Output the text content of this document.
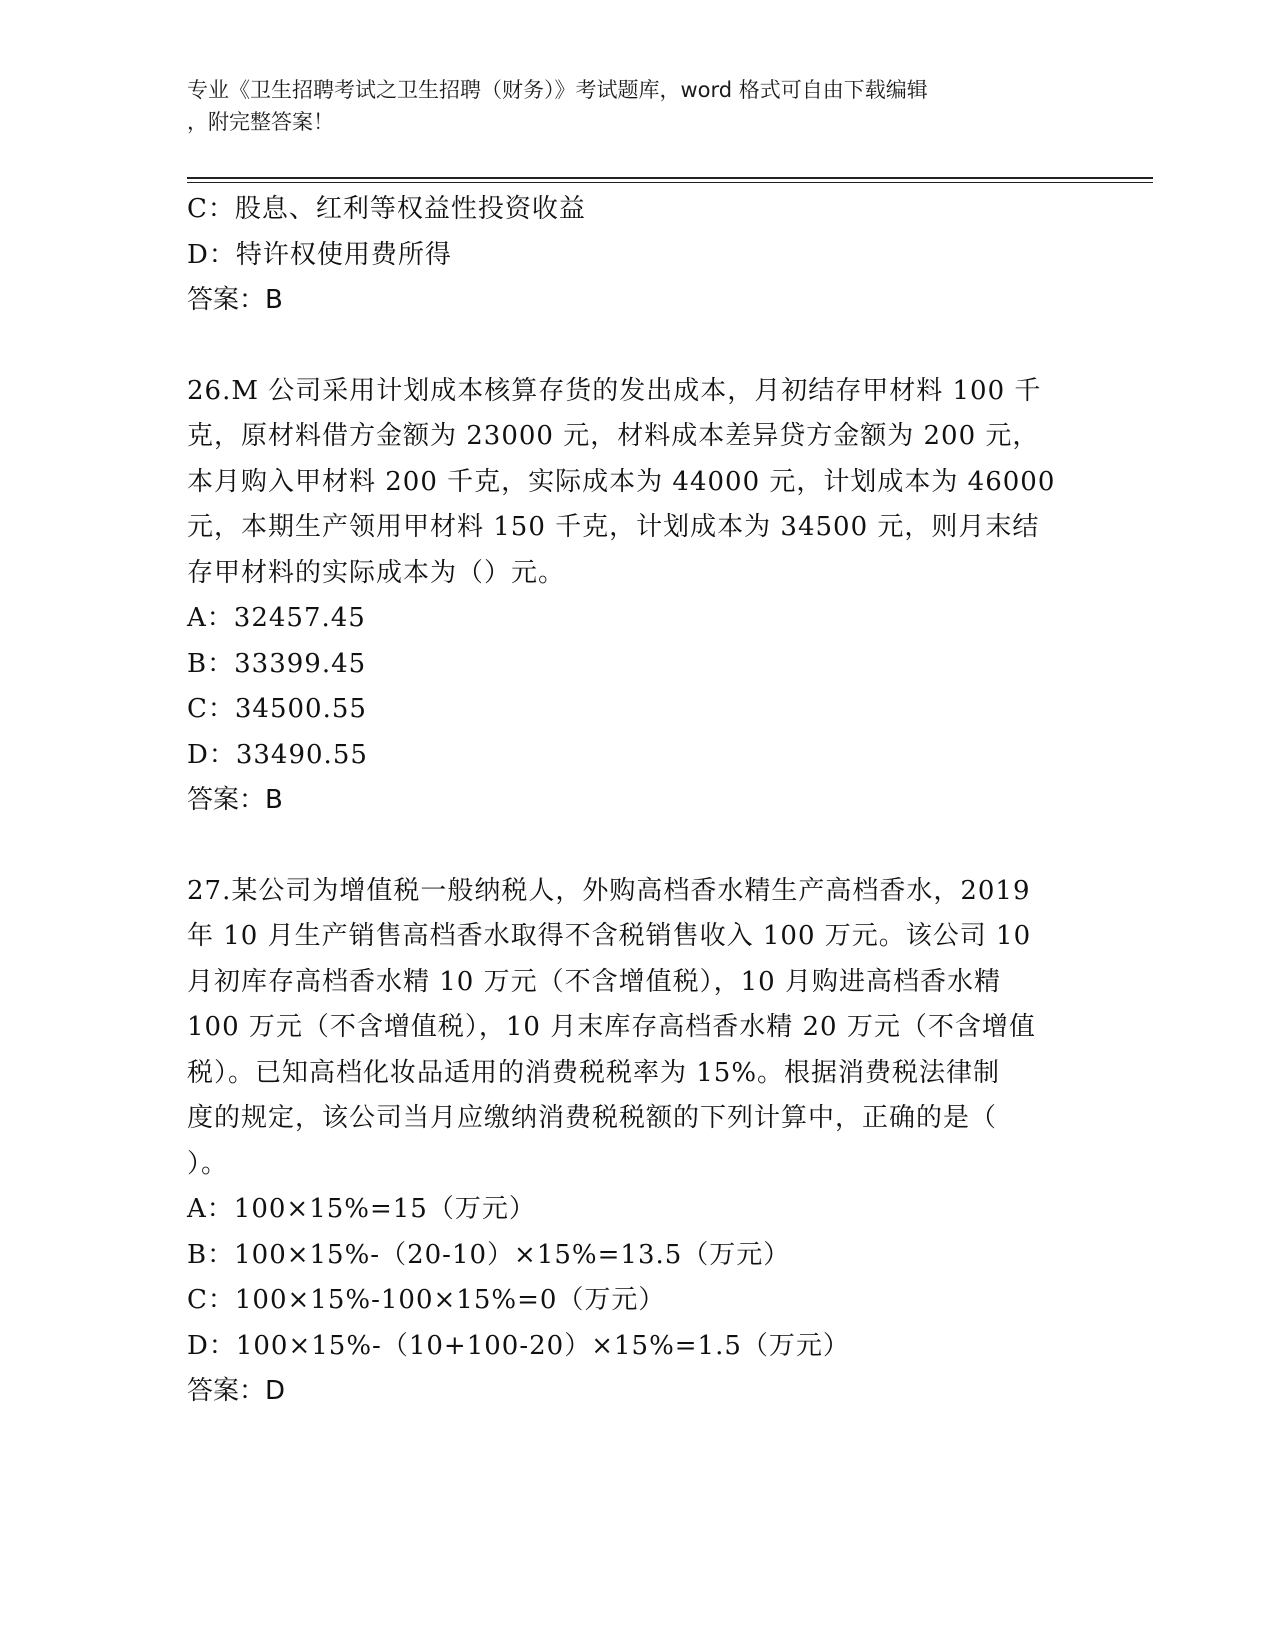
专业《卫生招聘考试之卫生招聘（财务）》考试题库，word 格式可自由下载编辑
，附完整答案！
C：股息、红利等权益性投资收益
D：特许权使用费所得
答案：B
26.M 公司采用计划成本核算存货的发出成本，月初结存甲材料 100 千
克，原材料借方金额为 23000 元，材料成本差异贷方金额为 200 元，
本月购入甲材料 200 千克，实际成本为 44000 元，计划成本为 46000
元，本期生产领用甲材料 150 千克，计划成本为 34500 元，则月末结
存甲材料的实际成本为（）元。
A：32457.45
B：33399.45
C：34500.55
D：33490.55
答案：B
27.某公司为增值税一般纳税人，外购高档香水精生产高档香水，2019
年 10 月生产销售高档香水取得不含税销售收入 100 万元。该公司 10
月初库存高档香水精 10 万元（不含增值税），10 月购进高档香水精
100 万元（不含增值税），10 月末库存高档香水精 20 万元（不含增值
税）。已知高档化妆品适用的消费税税率为 15%。根据消费税法律制
度的规定，该公司当月应缴纳消费税税额的下列计算中，正确的是（
）。
A：100×15%=15（万元）
B：100×15%-（20-10）×15%=13.5（万元）
C：100×15%-100×15%=0（万元）
D：100×15%-（10+100-20）×15%=1.5（万元）
答案：D
